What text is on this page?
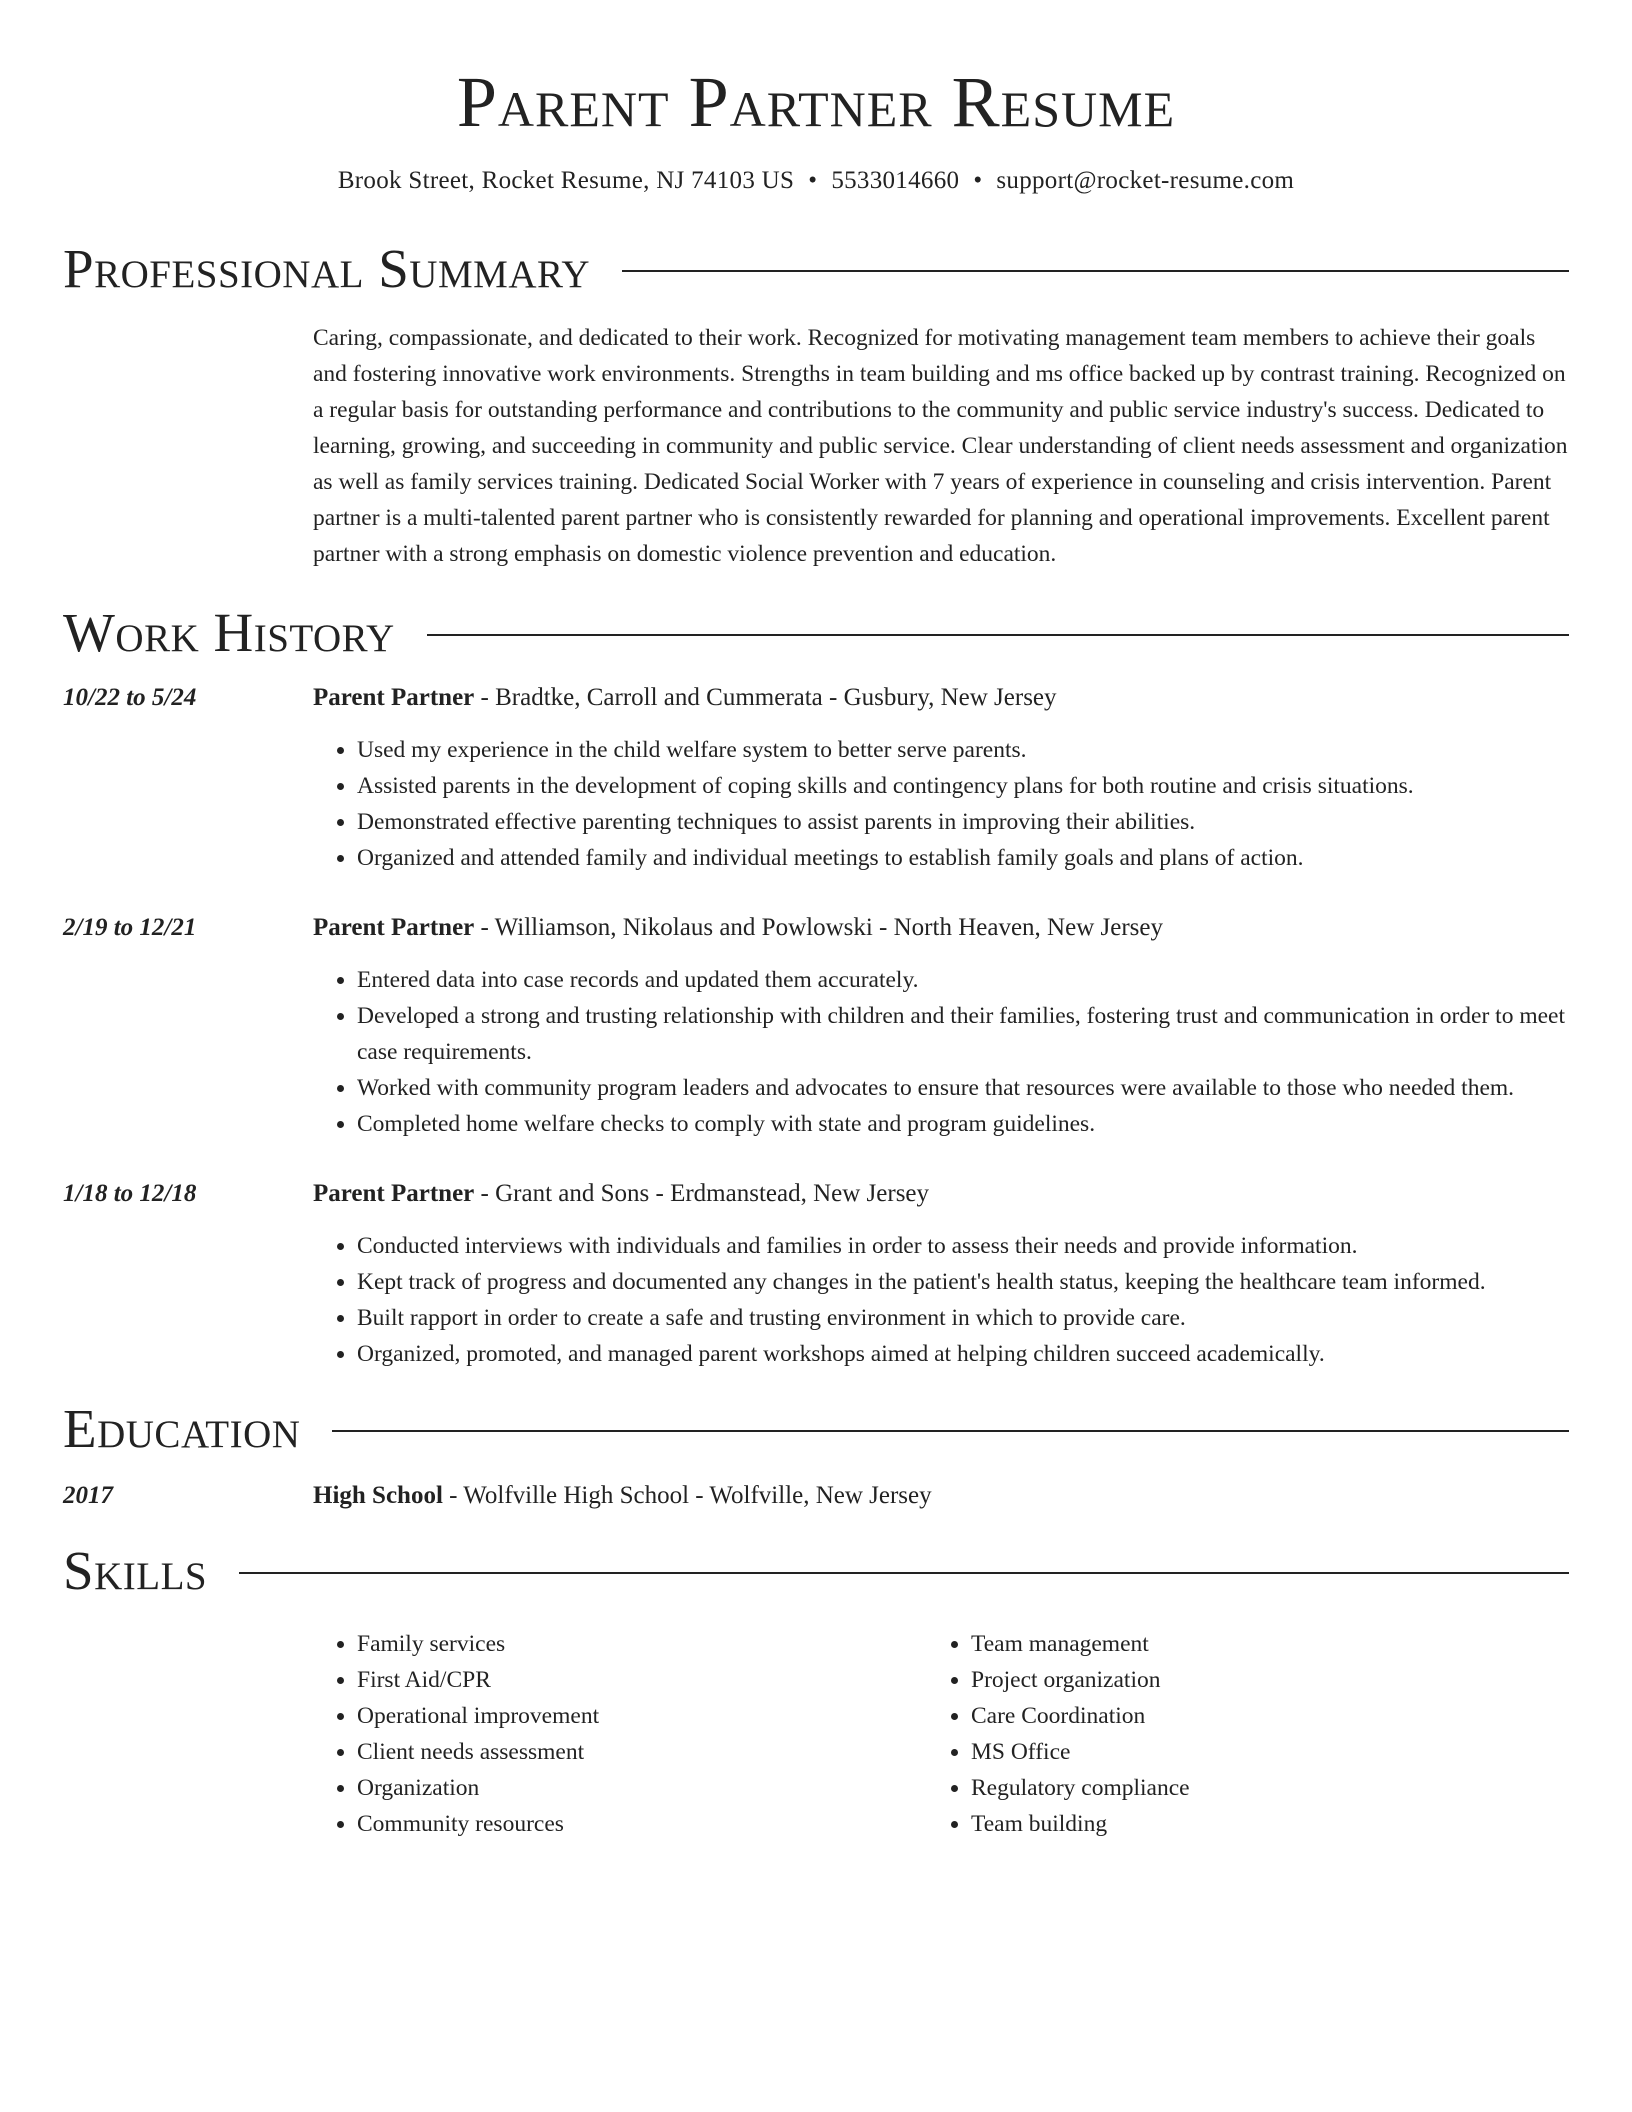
Parent Partner Resume
Brook Street, Rocket Resume, NJ 74103 US • 5533014660 • support@rocket-resume.com
Professional Summary
Caring, compassionate, and dedicated to their work. Recognized for motivating management team members to achieve their goals and fostering innovative work environments. Strengths in team building and ms office backed up by contrast training. Recognized on a regular basis for outstanding performance and contributions to the community and public service industry's success. Dedicated to learning, growing, and succeeding in community and public service. Clear understanding of client needs assessment and organization as well as family services training. Dedicated Social Worker with 7 years of experience in counseling and crisis intervention. Parent partner is a multi-talented parent partner who is consistently rewarded for planning and operational improvements. Excellent parent partner with a strong emphasis on domestic violence prevention and education.
Work History
10/22 to 5/24	Parent Partner - Bradtke, Carroll and Cummerata - Gusbury, New Jersey
• Used my experience in the child welfare system to better serve parents.
• Assisted parents in the development of coping skills and contingency plans for both routine and crisis situations.
• Demonstrated effective parenting techniques to assist parents in improving their abilities.
• Organized and attended family and individual meetings to establish family goals and plans of action.
2/19 to 12/21	Parent Partner - Williamson, Nikolaus and Powlowski - North Heaven, New Jersey
• Entered data into case records and updated them accurately.
• Developed a strong and trusting relationship with children and their families, fostering trust and communication in order to meet case requirements.
• Worked with community program leaders and advocates to ensure that resources were available to those who needed them.
• Completed home welfare checks to comply with state and program guidelines.
1/18 to 12/18	Parent Partner - Grant and Sons - Erdmanstead, New Jersey
• Conducted interviews with individuals and families in order to assess their needs and provide information.
• Kept track of progress and documented any changes in the patient's health status, keeping the healthcare team informed.
• Built rapport in order to create a safe and trusting environment in which to provide care.
• Organized, promoted, and managed parent workshops aimed at helping children succeed academically.
Education
2017	High School - Wolfville High School - Wolfville, New Jersey
Skills
• Family services
• First Aid/CPR
• Operational improvement
• Client needs assessment
• Organization
• Community resources
• Team management
• Project organization
• Care Coordination
• MS Office
• Regulatory compliance
• Team building
